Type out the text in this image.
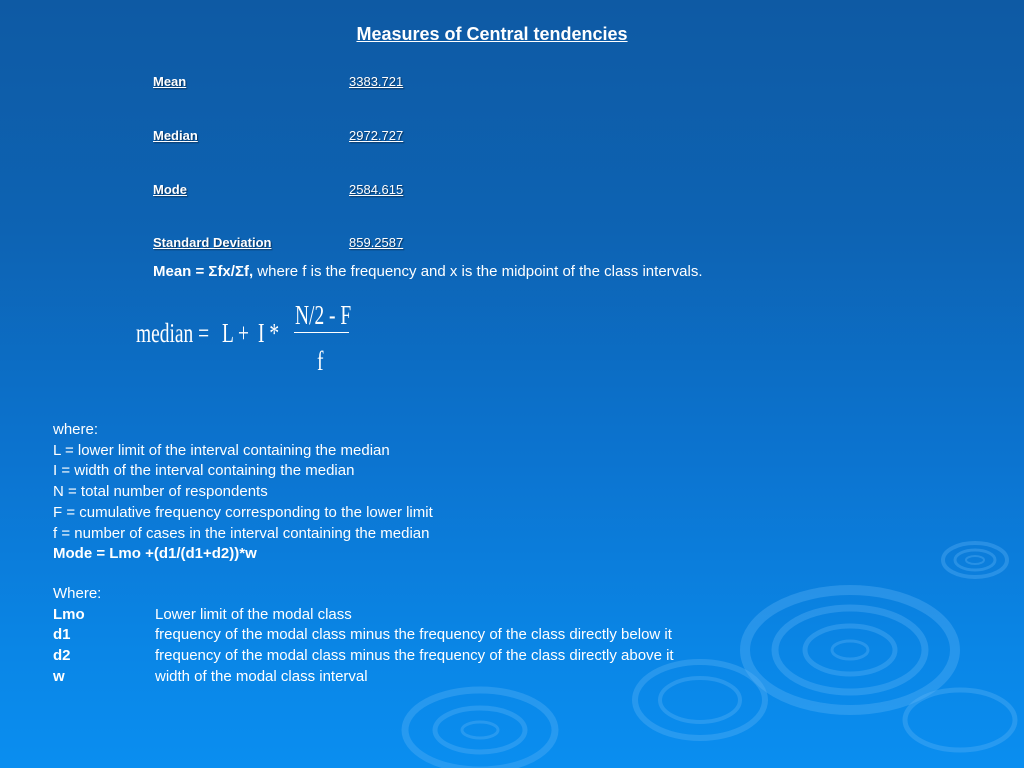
Measures of Central tendencies
Mean	3383.721
Median	2972.727
Mode	2584.615
Standard Deviation	859.2587
Mean = Σfx/Σf, where f is the frequency and x is the midpoint of the class intervals.
median = L + I *
N/2 - F
f
where:
L = lower limit of the interval containing the median
I = width of the interval containing the median
N = total number of respondents
F = cumulative frequency corresponding to the lower limit
f = number of cases in the interval containing the median
Mode = Lmo +(d1/(d1+d2))*w
Where:
Lmo	Lower limit of the modal class
d1	frequency of the modal class minus the frequency of the class directly below it
d2	frequency of the modal class minus the frequency of the class directly above it
w	width of the modal class interval
